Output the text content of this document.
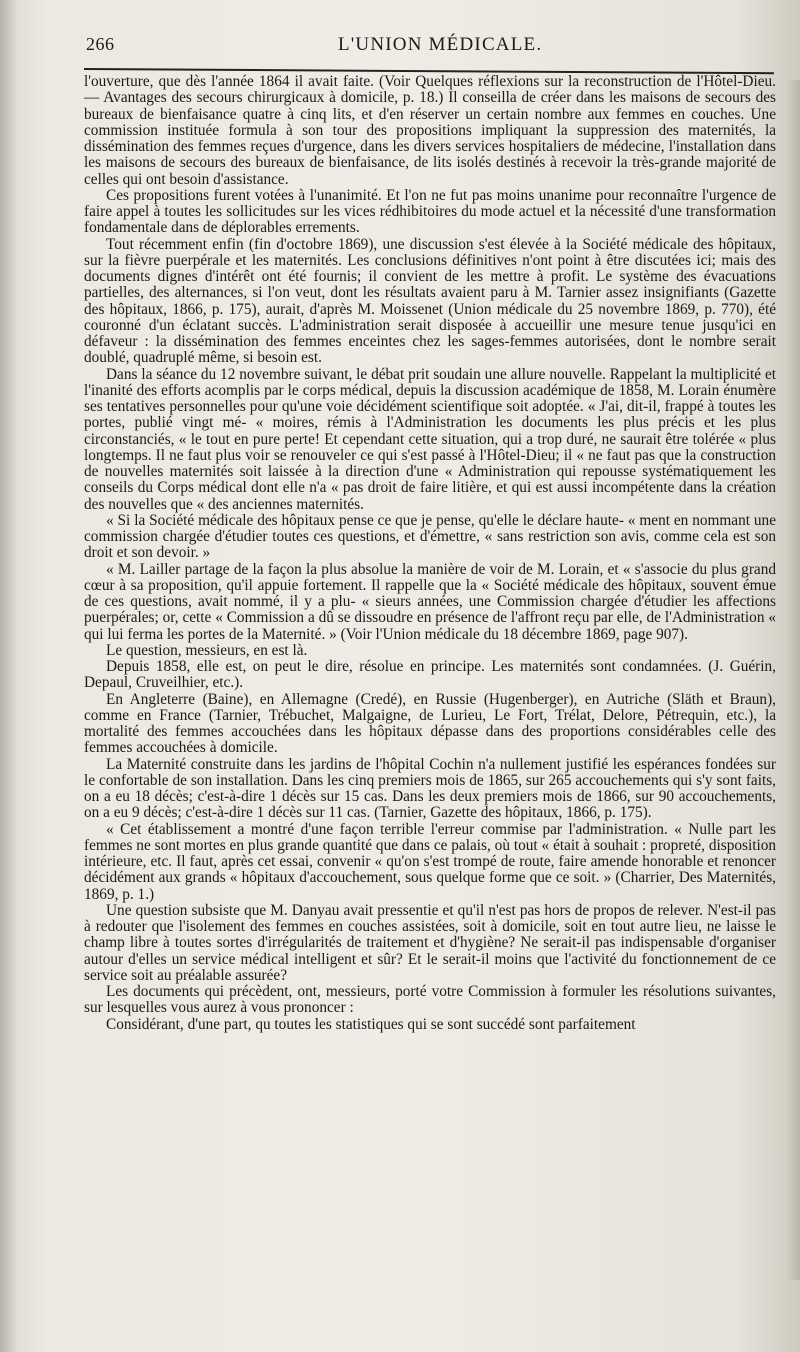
266	L'UNION MÉDICALE.

l'ouverture, que dès l'année 1864 il avait faite. (Voir Quelques réflexions sur la reconstruction de l'Hôtel-Dieu. — Avantages des secours chirurgicaux à domicile, p. 18.) Il conseilla de créer dans les maisons de secours des bureaux de bienfaisance quatre à cinq lits, et d'en réserver un certain nombre aux femmes en couches. Une commission instituée formula à son tour des propositions impliquant la suppression des maternités, la dissémination des femmes reçues d'urgence, dans les divers services hospitaliers de médecine, l'installation dans les maisons de secours des bureaux de bienfaisance, de lits isolés destinés à recevoir la très-grande majorité de celles qui ont besoin d'assistance.

Ces propositions furent votées à l'unanimité. Et l'on ne fut pas moins unanime pour reconnaître l'urgence de faire appel à toutes les sollicitudes sur les vices rédhibitoires du mode actuel et la nécessité d'une transformation fondamentale dans de déplorables errements.

Tout récemment enfin (fin d'octobre 1869), une discussion s'est élevée à la Société médicale des hôpitaux, sur la fièvre puerpérale et les maternités. Les conclusions définitives n'ont point à être discutées ici; mais des documents dignes d'intérêt ont été fournis; il convient de les mettre à profit. Le système des évacuations partielles, des alternances, si l'on veut, dont les résultats avaient paru à M. Tarnier assez insignifiants (Gazette des hôpitaux, 1866, p. 175), aurait, d'après M. Moissenet (Union médicale du 25 novembre 1869, p. 770), été couronné d'un éclatant succès. L'administration serait disposée à accueillir une mesure tenue jusqu'ici en défaveur : la dissémination des femmes enceintes chez les sages-femmes autorisées, dont le nombre serait doublé, quadruplé même, si besoin est.

Dans la séance du 12 novembre suivant, le débat prit soudain une allure nouvelle. Rappelant la multiplicité et l'inanité des efforts acomplis par le corps médical, depuis la discussion académique de 1858, M. Lorain énumère ses tentatives personnelles pour qu'une voie décidément scientifique soit adoptée. « J'ai, dit-il, frappé à toutes les portes, publié vingt mé- « moires, rémis à l'Administration les documents les plus précis et les plus circonstanciés, « le tout en pure perte! Et cependant cette situation, qui a trop duré, ne saurait être tolérée « plus longtemps. Il ne faut plus voir se renouveler ce qui s'est passé à l'Hôtel-Dieu; il « ne faut pas que la construction de nouvelles maternités soit laissée à la direction d'une « Administration qui repousse systématiquement les conseils du Corps médical dont elle n'a « pas droit de faire litière, et qui est aussi incompétente dans la création des nouvelles que « des anciennes maternités.

« Si la Société médicale des hôpitaux pense ce que je pense, qu'elle le déclare haute- « ment en nommant une commission chargée d'étudier toutes ces questions, et d'émettre, « sans restriction son avis, comme cela est son droit et son devoir. »

« M. Lailler partage de la façon la plus absolue la manière de voir de M. Lorain, et « s'associe du plus grand cœur à sa proposition, qu'il appuie fortement. Il rappelle que la « Société médicale des hôpitaux, souvent émue de ces questions, avait nommé, il y a plu- « sieurs années, une Commission chargée d'étudier les affections puerpérales; or, cette « Commission a dû se dissoudre en présence de l'affront reçu par elle, de l'Administration « qui lui ferma les portes de la Maternité. » (Voir l'Union médicale du 18 décembre 1869, page 907).

Le question, messieurs, en est là.

Depuis 1858, elle est, on peut le dire, résolue en principe. Les maternités sont condamnées. (J. Guérin, Depaul, Cruveilhier, etc.).

En Angleterre (Baine), en Allemagne (Credé), en Russie (Hugenberger), en Autriche (Släth et Braun), comme en France (Tarnier, Trébuchet, Malgaigne, de Lurieu, Le Fort, Trélat, Delore, Pétrequin, etc.), la mortalité des femmes accouchées dans les hôpitaux dépasse dans des proportions considérables celle des femmes accouchées à domicile.

La Maternité construite dans les jardins de l'hôpital Cochin n'a nullement justifié les espérances fondées sur le confortable de son installation. Dans les cinq premiers mois de 1865, sur 265 accouchements qui s'y sont faits, on a eu 18 décès; c'est-à-dire 1 décès sur 15 cas. Dans les deux premiers mois de 1866, sur 90 accouchements, on a eu 9 décès; c'est-à-dire 1 décès sur 11 cas. (Tarnier, Gazette des hôpitaux, 1866, p. 175).

« Cet établissement a montré d'une façon terrible l'erreur commise par l'administration. « Nulle part les femmes ne sont mortes en plus grande quantité que dans ce palais, où tout « était à souhait : propreté, disposition intérieure, etc. Il faut, après cet essai, convenir « qu'on s'est trompé de route, faire amende honorable et renoncer décidément aux grands « hôpitaux d'accouchement, sous quelque forme que ce soit. » (Charrier, Des Maternités, 1869, p. 1.)

Une question subsiste que M. Danyau avait pressentie et qu'il n'est pas hors de propos de relever. N'est-il pas à redouter que l'isolement des femmes en couches assistées, soit à domicile, soit en tout autre lieu, ne laisse le champ libre à toutes sortes d'irrégularités de traitement et d'hygiène? Ne serait-il pas indispensable d'organiser autour d'elles un service médical intelligent et sûr? Et le serait-il moins que l'activité du fonctionnement de ce service soit au préalable assurée?

Les documents qui précèdent, ont, messieurs, porté votre Commission à formuler les résolutions suivantes, sur lesquelles vous aurez à vous prononcer :

Considérant, d'une part, qu toutes les statistiques qui se sont succédé sont parfaitement
